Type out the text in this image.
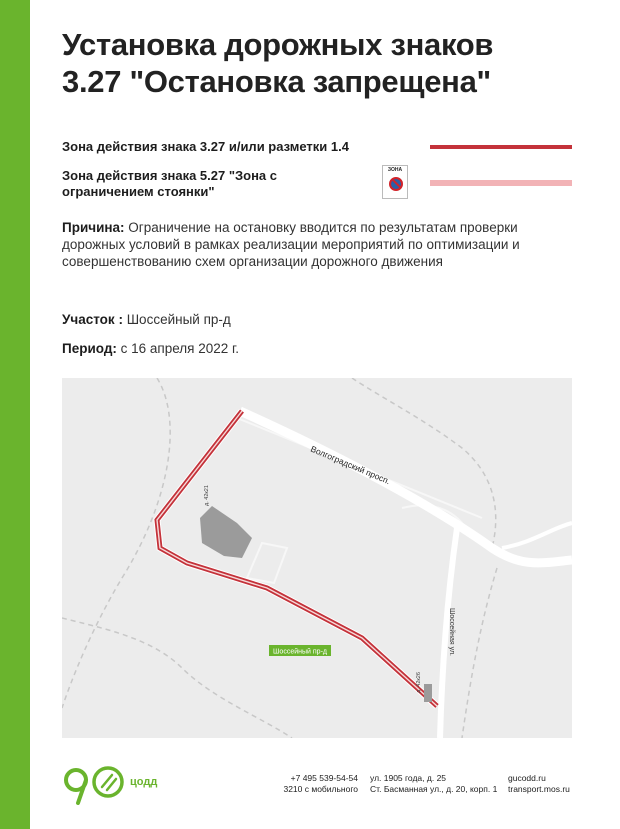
Установка дорожных знаков
3.27 "Остановка запрещена"
Зона действия знака 3.27 и/или разметки 1.4
Зона действия знака 5.27 "Зона с
ограничением стоянки"
ЗОНА

Причина: Ограничение на остановку вводится по результатам проверки дорожных условий в рамках реализации мероприятий по оптимизации и совершенствованию схем организации дорожного движения

Участок : Шоссейный пр-д

Период: с 16 апреля 2022 г.

Волгоградский просп.
Шоссейная ул.
д. 42к21
д. 42к26
Шоссейный пр-д
цодд	+7 495 539-54-54
3210 с мобильного
ул. 1905 года, д. 25
Ст. Басманная ул., д. 20, корп. 1
gucodd.ru
transport.mos.ru
